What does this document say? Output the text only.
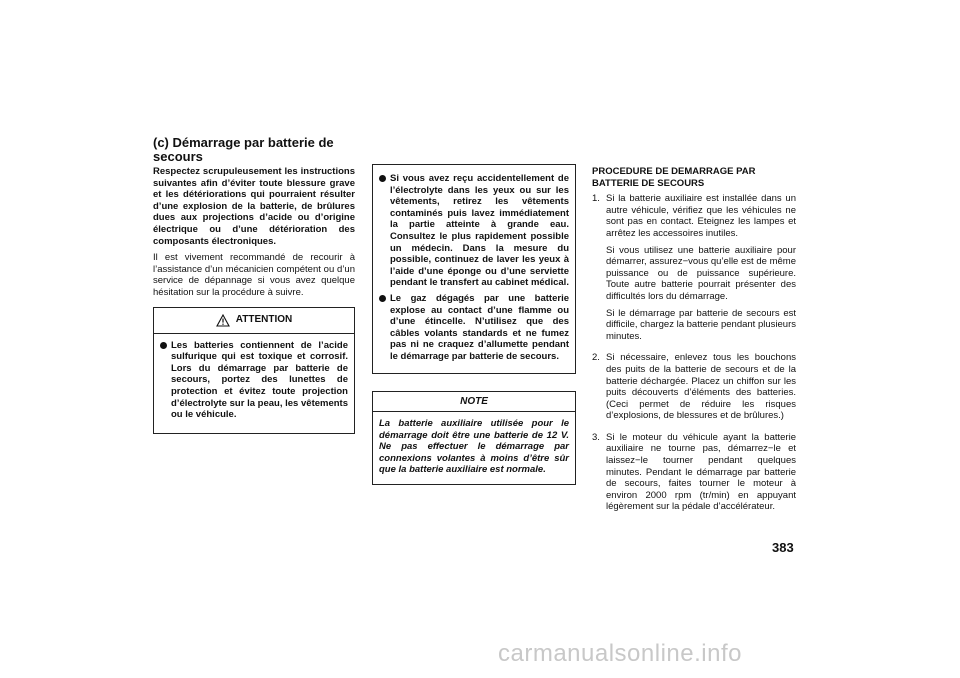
(c) Démarrage par batterie de secours

Respectez scrupuleusement les instructions suivantes afin d’éviter toute blessure grave et les détériorations qui pourraient résulter d’une explosion de la batterie, de brûlures dues aux projections d’acide ou d’origine électrique ou d’une détérioration des composants électroniques.

Il est vivement recommandé de recourir à l’assistance d’un mécanicien compétent ou d’un service de dépannage si vous avez quelque hésitation sur la procédure à suivre.

ATTENTION
Les batteries contiennent de l’acide sulfurique qui est toxique et corrosif. Lors du démarrage par batterie de secours, portez des lunettes de protection et évitez toute projection d’électrolyte sur la peau, les vêtements ou le véhicule.
Si vous avez reçu accidentellement de l’électrolyte dans les yeux ou sur les vêtements, retirez les vêtements contaminés puis lavez immédiatement la partie atteinte à grande eau. Consultez le plus rapidement possible un médecin. Dans la mesure du possible, continuez de laver les yeux à l’aide d’une éponge ou d’une serviette pendant le transfert au cabinet médical.
Le gaz dégagés par une batterie explose au contact d’une flamme ou d’une étincelle. N’utilisez que des câbles volants standards et ne fumez pas ni ne craquez d’allumette pendant le démarrage par batterie de secours.
NOTE
La batterie auxiliaire utilisée pour le démarrage doit être une batterie de 12 V. Ne pas effectuer le démarrage par connexions volantes à moins d’être sûr que la batterie auxiliaire est normale.
PROCEDURE DE DEMARRAGE PAR BATTERIE DE SECOURS
1. Si la batterie auxiliaire est installée dans un autre véhicule, vérifiez que les véhicules ne sont pas en contact. Eteignez les lampes et arrêtez les accessoires inutiles.

Si vous utilisez une batterie auxiliaire pour démarrer, assurez−vous qu’elle est de même puissance ou de puissance supérieure. Toute autre batterie pourrait présenter des difficultés lors du démarrage.

Si le démarrage par batterie de secours est difficile, chargez la batterie pendant plusieurs minutes.

2. Si nécessaire, enlevez tous les bouchons des puits de la batterie de secours et de la batterie déchargée. Placez un chiffon sur les puits découverts d’éléments des batteries. (Ceci permet de réduire les risques d’explosions, de blessures et de brûlures.)

3. Si le moteur du véhicule ayant la batterie auxiliaire ne tourne pas, démarrez−le et laissez−le tourner pendant quelques minutes. Pendant le démarrage par batterie de secours, faites tourner le moteur à environ 2000 rpm (tr/min) en appuyant légèrement sur la pédale d’accélérateur.

383
carmanualsonline.info
